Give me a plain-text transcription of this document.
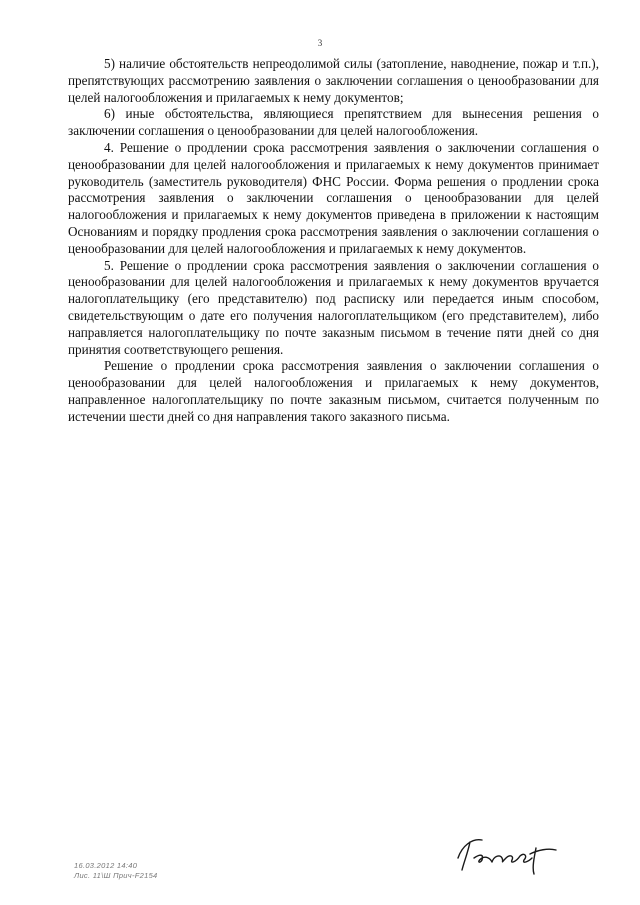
3

5) наличие обстоятельств непреодолимой силы (затопление, наводнение, пожар и т.п.), препятствующих рассмотрению заявления о заключении соглашения о ценообразовании для целей налогообложения и прилагаемых к нему документов;

6) иные обстоятельства, являющиеся препятствием для вынесения решения о заключении соглашения о ценообразовании для целей налогообложения.

4. Решение о продлении срока рассмотрения заявления о заключении соглашения о ценообразовании для целей налогообложения и прилагаемых к нему документов принимает руководитель (заместитель руководителя) ФНС России. Форма решения о продлении срока рассмотрения заявления о заключении соглашения о ценообразовании для целей налогообложения и прилагаемых к нему документов приведена в приложении к настоящим Основаниям и порядку продления срока рассмотрения заявления о заключении соглашения о ценообразовании для целей налогообложения и прилагаемых к нему документов.

5. Решение о продлении срока рассмотрения заявления о заключении соглашения о ценообразовании для целей налогообложения и прилагаемых к нему документов вручается налогоплательщику (его представителю) под расписку или передается иным способом, свидетельствующим о дате его получения налогоплательщиком (его представителем), либо направляется налогоплательщику по почте заказным письмом в течение пяти дней со дня принятия соответствующего решения.

Решение о продлении срока рассмотрения заявления о заключении соглашения о ценообразовании для целей налогообложения и прилагаемых к нему документов, направленное налогоплательщику по почте заказным письмом, считается полученным по истечении шести дней со дня направления такого заказного письма.

16.03.2012 14:40
Лис. 11\Ш Прич-F2154
